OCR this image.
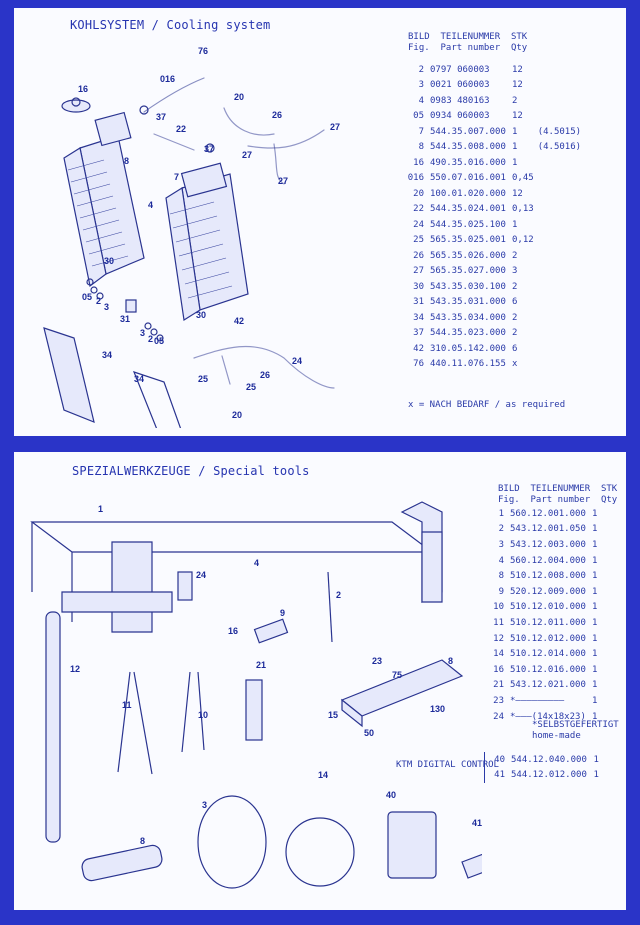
KOHLSYSTEM / Cooling system
76
016
16
20
37
22
26
27
8
37
27
27
4
7
30
05 2
3
31
3
2 05
30
42
34
24
26
25
25
20
34
BILD  TEILENUMMER  STK
Fig.  Part number  Qty
2	0797 060003	12	
3	0021 060003	12	
4	0983 480163	2	
05	0934 060003	12	
7	544.35.007.000	1	(4.5015)
8	544.35.008.000	1	(4.5016)
16	490.35.016.000	1	
016	550.07.016.001	0,45	
20	100.01.020.000	12	
22	544.35.024.001	0,13	
24	544.35.025.100	1	
25	565.35.025.001	0,12	
26	565.35.026.000	2	
27	565.35.027.000	3	
30	543.35.030.100	2	
31	543.35.031.000	6	
34	543.35.034.000	2	
37	544.35.023.000	2	
42	310.05.142.000	6	
76	440.11.076.155	x	
x = NACH BEDARF / as required
SPEZIALWERKZEUGE / Special tools
1
24
4
2
9
16
12	21	23
11
10
14
3
40
8
41
8
15
50
130
75
BILD  TEILENUMMER  STK
Fig.  Part number  Qty
1	560.12.001.000	1
2	543.12.001.050	1
3	543.12.003.000	1
4	560.12.004.000	1
8	510.12.008.000	1
9	520.12.009.000	1
10	510.12.010.000	1
11	510.12.011.000	1
12	510.12.012.000	1
14	510.12.014.000	1
16	510.12.016.000	1
21	543.12.021.000	1
23	*—————————	1
24	*———(14x18x23)	1
*SELBSTGEFERTIGT
home-made
KTM DIGITAL CONTROL
40	544.12.040.000	1
41	544.12.012.000	1
